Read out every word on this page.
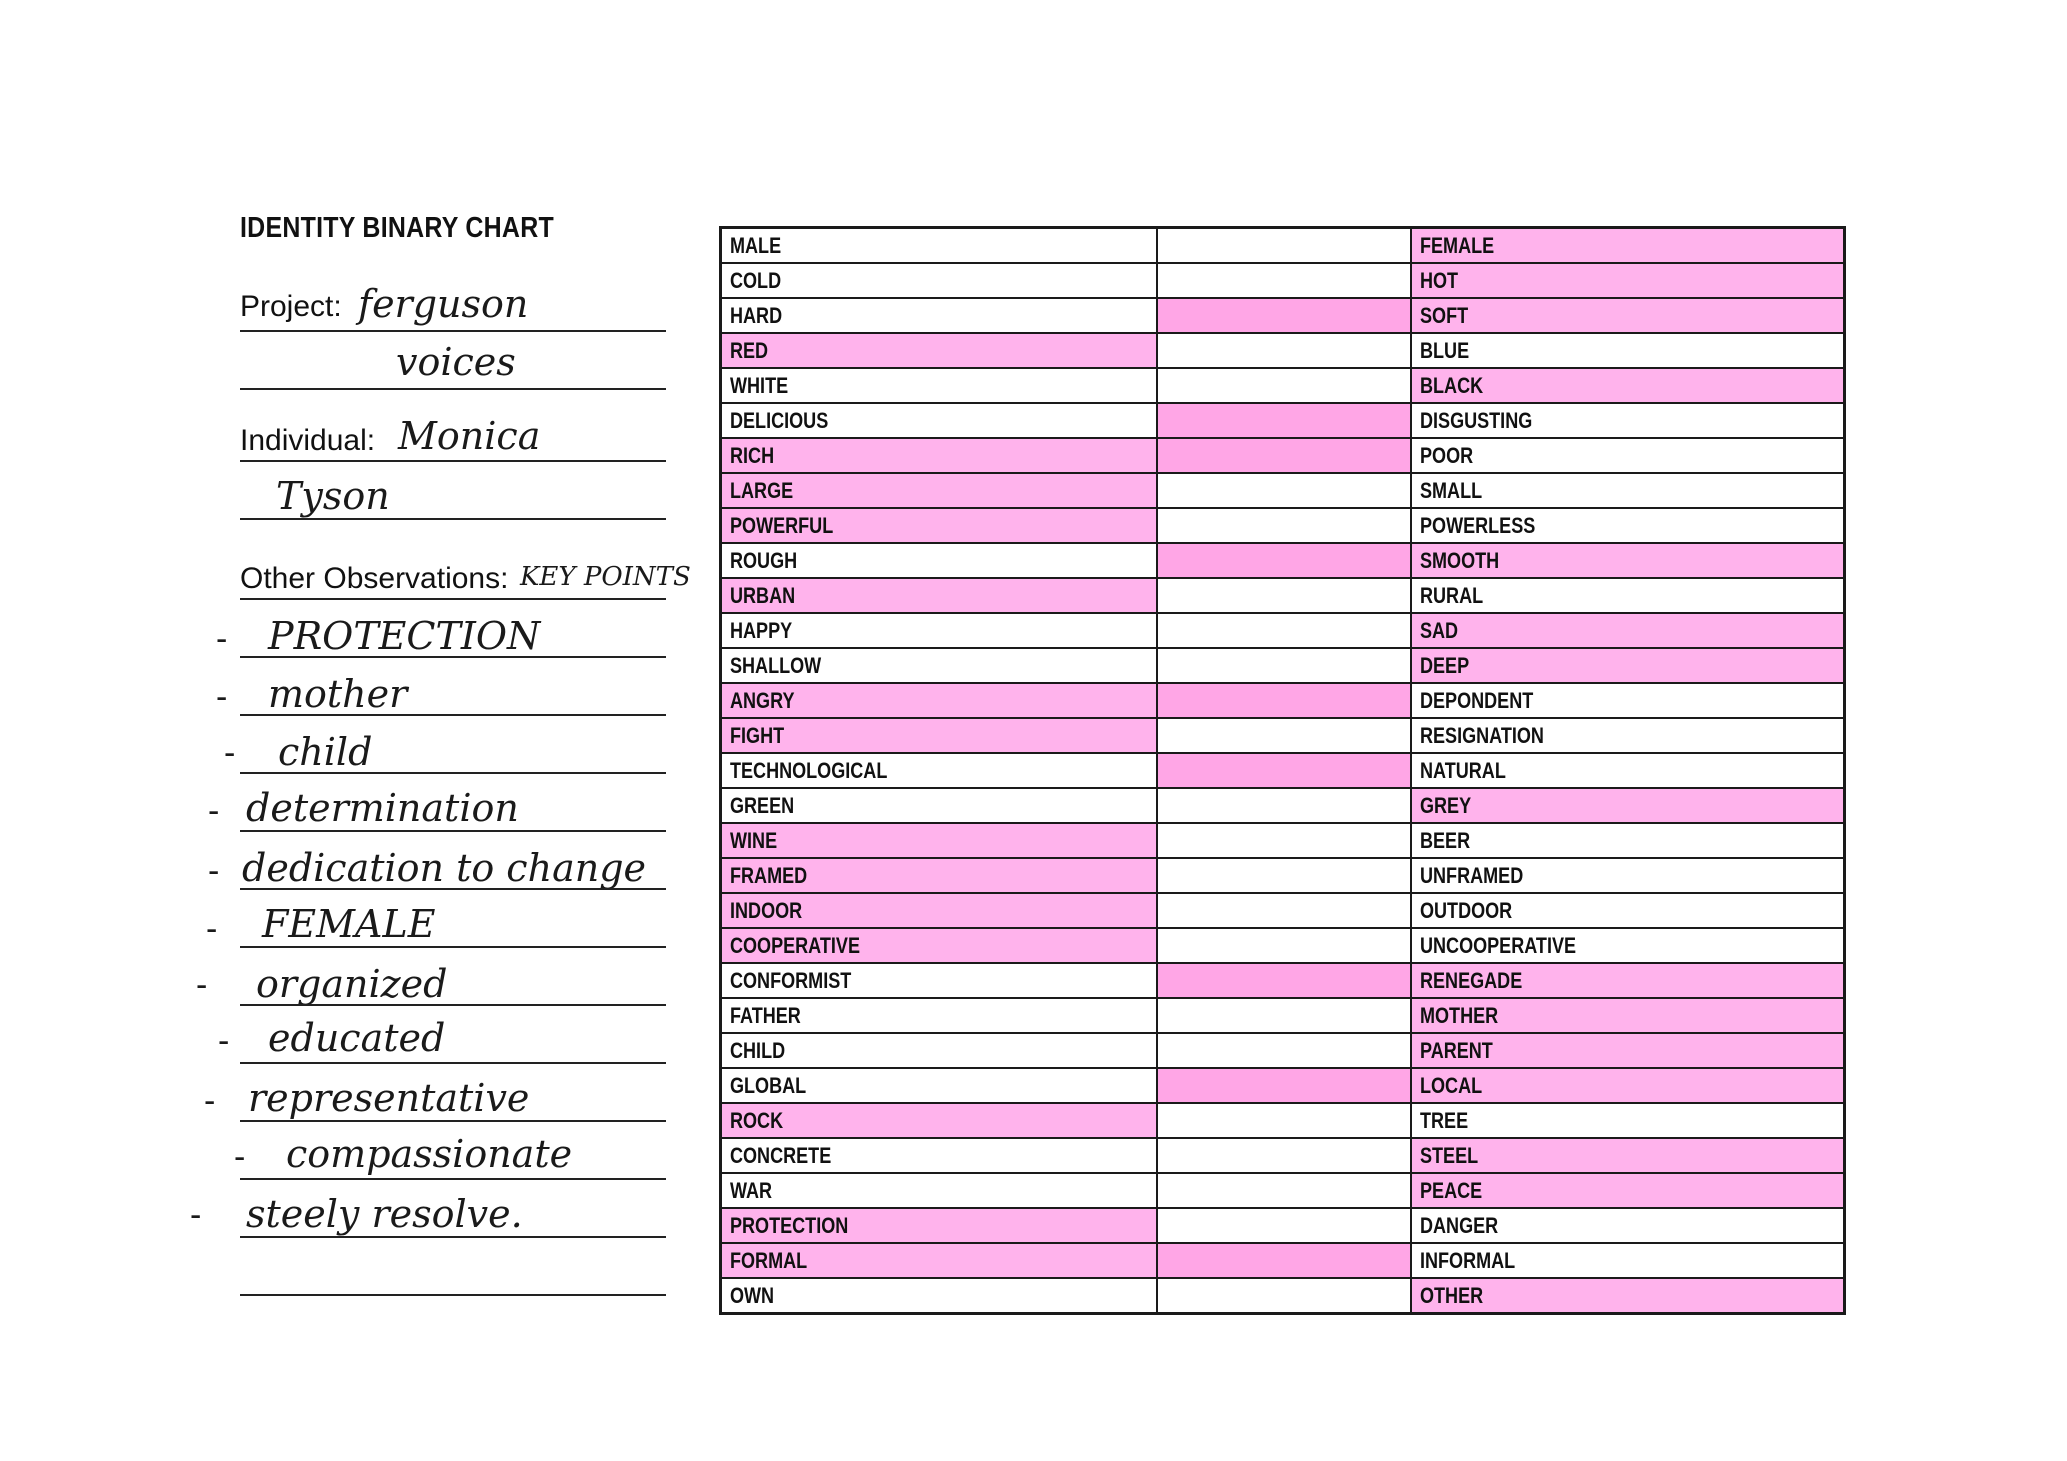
IDENTITY BINARY CHART
Project: ferguson
voices
Individual: Monica
Tyson
Other Observations: KEY POINTS
- PROTECTION
- mother
- child
- determination
- dedication to change
- FEMALE
- organized
- educated
- representative
- compassionate
- steely resolve.
MALE		FEMALE
COLD		HOT
HARD		SOFT
RED		BLUE
WHITE		BLACK
DELICIOUS		DISGUSTING
RICH		POOR
LARGE		SMALL
POWERFUL		POWERLESS
ROUGH		SMOOTH
URBAN		RURAL
HAPPY		SAD
SHALLOW		DEEP
ANGRY		DEPONDENT
FIGHT		RESIGNATION
TECHNOLOGICAL		NATURAL
GREEN		GREY
WINE		BEER
FRAMED		UNFRAMED
INDOOR		OUTDOOR
COOPERATIVE		UNCOOPERATIVE
CONFORMIST		RENEGADE
FATHER		MOTHER
CHILD		PARENT
GLOBAL		LOCAL
ROCK		TREE
CONCRETE		STEEL
WAR		PEACE
PROTECTION		DANGER
FORMAL		INFORMAL
OWN		OTHER
